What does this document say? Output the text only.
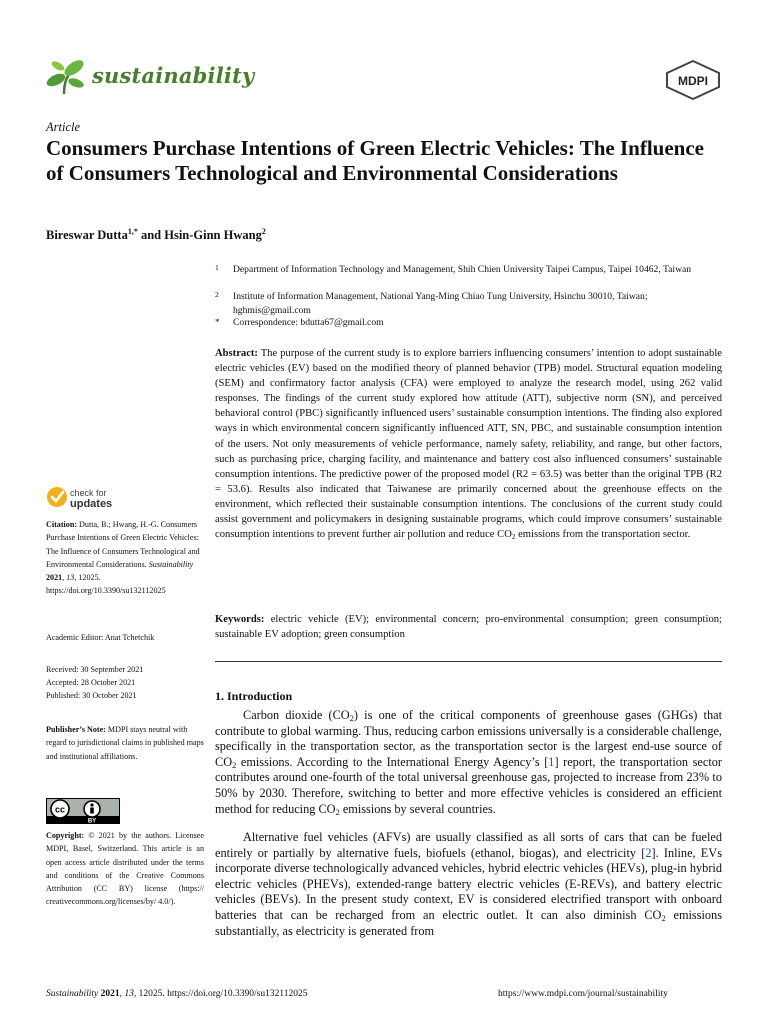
sustainability	MDPI
Article
Consumers Purchase Intentions of Green Electric Vehicles: The Influence of Consumers Technological and Environmental Considerations
Bireswar Dutta$^{1,*}$ and Hsin-Ginn Hwang$^2$
1	Department of Information Technology and Management, Shih Chien University Taipei Campus, Taipei 10462, Taiwan
2	Institute of Information Management, National Yang-Ming Chiao Tung University, Hsinchu 30010, Taiwan; hghmis@gmail.com
*	Correspondence: bdutta67@gmail.com
Abstract: The purpose of the current study is to explore barriers influencing consumers’ intention to adopt sustainable electric vehicles (EV) based on the modified theory of planned behavior (TPB) model. Structural equation modeling (SEM) and confirmatory factor analysis (CFA) were employed to analyze the research model, using 262 valid responses. The findings of the current study explored how attitude (ATT), subjective norm (SN), and perceived behavioral control (PBC) significantly influenced users’ sustainable consumption intentions. The finding also explored ways in which environmental concern significantly influenced ATT, SN, PBC, and sustainable consumption intention of the users. Not only measurements of vehicle performance, namely safety, reliability, and range, but other factors, such as purchasing price, charging facility, and maintenance and battery cost also influenced consumers’ sustainable consumption intentions. The predictive power of the proposed model (R2 = 63.5) was better than the original TPB (R2 = 53.6). Results also indicated that Taiwanese are primarily concerned about the greenhouse effects on the environment, which reflected their sustainable consumption intentions. The conclusions of the current study could assist government and policymakers in designing sustainable programs, which could improve consumers’ sustainable consumption intentions to prevent further air pollution and reduce $CO_2$ emissions from the transportation sector.
Keywords: electric vehicle (EV); environmental concern; pro-environmental consumption; green consumption; sustainable EV adoption; green consumption
1. Introduction
Carbon dioxide $(CO_2)$ is one of the critical components of greenhouse gases (GHGs) that contribute to global warming. Thus, reducing carbon emissions universally is a considerable challenge, specifically in the transportation sector, as the transportation sector is the largest end-use source of $CO_2$ emissions. According to the International Energy Agency’s [1] report, the transportation sector contributes around one-fourth of the total universal greenhouse gas, projected to increase from 23% to 50% by 2030. Therefore, switching to better and more effective vehicles is considered an efficient method for reducing $CO_2$ emissions by several countries.
Alternative fuel vehicles (AFVs) are usually classified as all sorts of cars that can be fueled entirely or partially by alternative fuels, biofuels (ethanol, biogas), and electricity [2]. Inline, EVs incorporate diverse technologically advanced vehicles, hybrid electric vehicles (HEVs), plug-in hybrid electric vehicles (PHEVs), extended-range battery electric vehicles (E-REVs), and battery electric vehicles (BEVs). In the present study context, EV is considered electrified transport with onboard batteries that can be recharged from an electric outlet. It can also diminish $CO_2$ emissions substantially, as electricity is generated from
check for
updates
Citation: Dutta, B.; Hwang, H.-G. Consumers Purchase Intentions of Green Electric Vehicles: The Influence of Consumers Technological and Environmental Considerations. Sustainability 2021, 13, 12025. https://doi.org/10.3390/su132112025
Academic Editor: Anat Tchetchik
Received: 30 September 2021
Accepted: 28 October 2021
Published: 30 October 2021
Publisher’s Note: MDPI stays neutral with regard to jurisdictional claims in published maps and institutional affiliations.
cc
BY
Copyright: © 2021 by the authors. Licensee MDPI, Basel, Switzerland. This article is an open access article distributed under the terms and conditions of the Creative Commons Attribution (CC BY) license (https:// creativecommons.org/licenses/by/ 4.0/).
Sustainability 2021, 13, 12025. https://doi.org/10.3390/su132112025	https://www.mdpi.com/journal/sustainability
